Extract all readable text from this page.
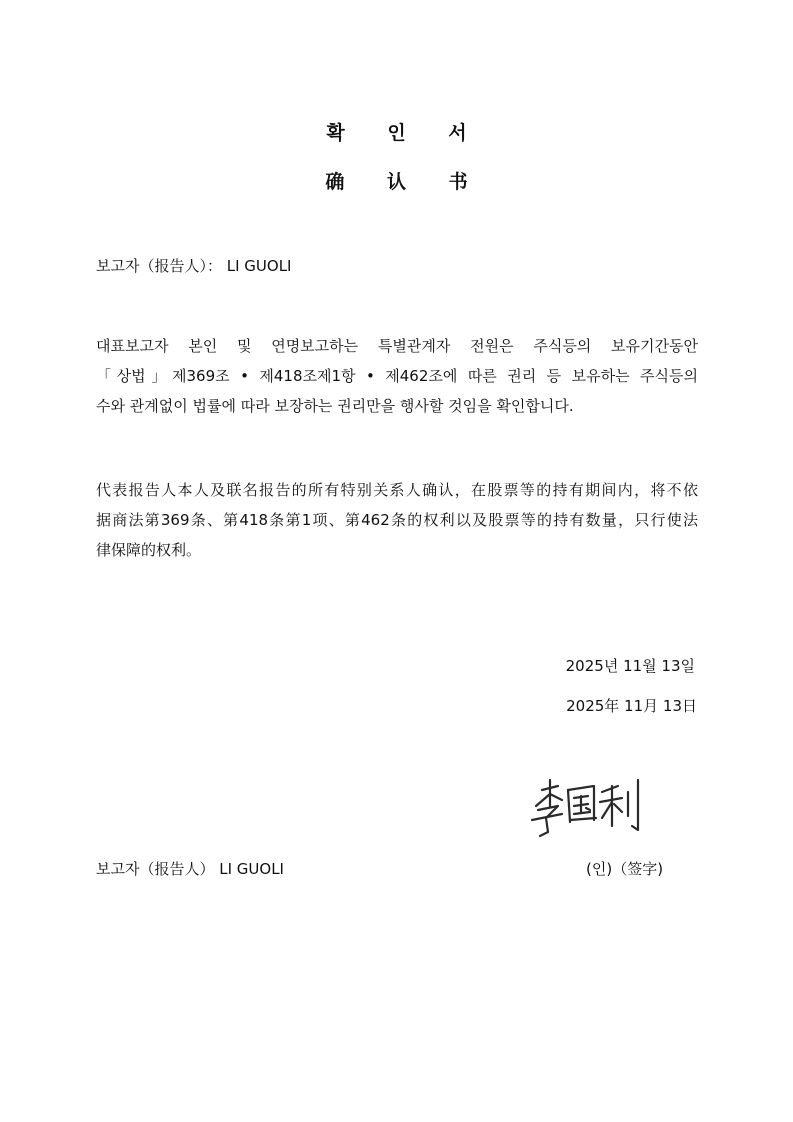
확 인 서
确 认 书
보고자（报告人）： LI GUOLI
대표보고자 본인 및 연명보고하는 특별관계자 전원은 주식등의 보유기간동안
「상법」제369조 • 제418조제1항 • 제462조에 따른 권리 등 보유하는 주식등의
수와 관계없이 법률에 따라 보장하는 권리만을 행사할 것임을 확인합니다.
代表报告人本人及联名报告的所有特别关系人确认，在股票等的持有期间内，将不依
据商法第369条、第418条第1项、第462条的权利以及股票等的持有数量，只行使法
律保障的权利。
2025년 11월 13일
2025年 11月 13日
보고자（报告人） LI GUOLI	(인)（签字)
